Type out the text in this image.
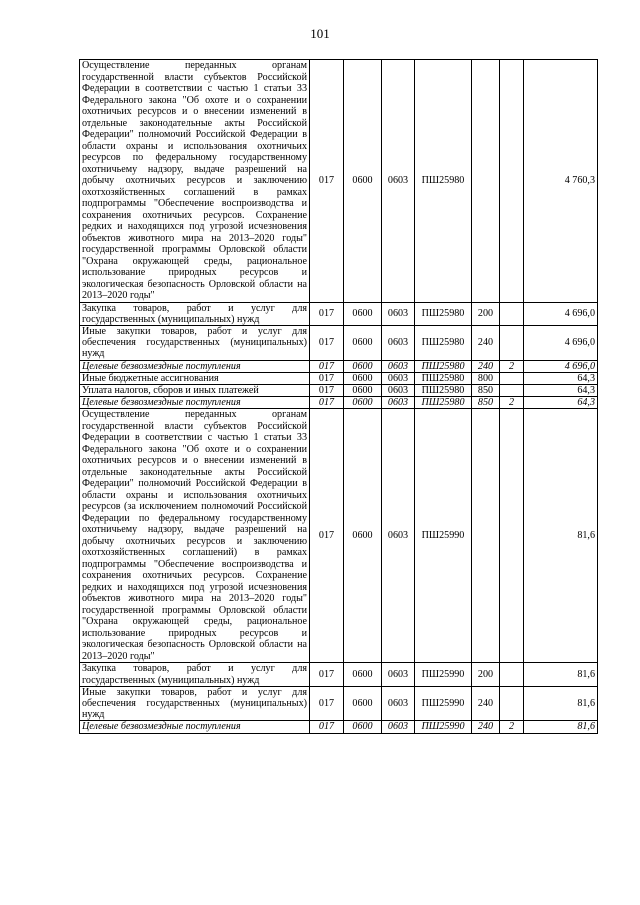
101
Осуществление переданных органам государственной власти субъектов Российской Федерации в соответствии с частью 1 статьи 33 Федерального закона "Об охоте и о сохранении охотничьих ресурсов и о внесении изменений в отдельные законодательные акты Российской Федерации" полномочий Российской Федерации в области охраны и использования охотничьих ресурсов по федеральному государственному охотничьему надзору, выдаче разрешений на добычу охотничьих ресурсов и заключению охотхозяйственных соглашений в рамках подпрограммы "Обеспечение воспроизводства и сохранения охотничьих ресурсов. Сохранение редких и находящихся под угрозой исчезновения объектов животного мира на 2013–2020 годы" государственной программы Орловской области "Охрана окружающей среды, рациональное использование природных ресурсов и экологическая безопасность Орловской области на 2013–2020 годы"	017	0600	0603	ПШ25980			4 760,3
Закупка товаров, работ и услуг для государственных (муниципальных) нужд	017	0600	0603	ПШ25980	200		4 696,0
Иные закупки товаров, работ и услуг для обеспечения государственных (муниципальных) нужд	017	0600	0603	ПШ25980	240		4 696,0
Целевые безвозмездные поступления	017	0600	0603	ПШ25980	240	2	4 696,0
Иные бюджетные ассигнования	017	0600	0603	ПШ25980	800		64,3
Уплата налогов, сборов и иных платежей	017	0600	0603	ПШ25980	850		64,3
Целевые безвозмездные поступления	017	0600	0603	ПШ25980	850	2	64,3
Осуществление переданных органам государственной власти субъектов Российской Федерации в соответствии с частью 1 статьи 33 Федерального закона "Об охоте и о сохранении охотничьих ресурсов и о внесении изменений в отдельные законодательные акты Российской Федерации" полномочий Российской Федерации в области охраны и использования охотничьих ресурсов (за исключением полномочий Российской Федерации по федеральному государственному охотничьему надзору, выдаче разрешений на добычу охотничьих ресурсов и заключению охотхозяйственных соглашений) в рамках подпрограммы "Обеспечение воспроизводства и сохранения охотничьих ресурсов. Сохранение редких и находящихся под угрозой исчезновения объектов животного мира на 2013–2020 годы" государственной программы Орловской области "Охрана окружающей среды, рациональное использование природных ресурсов и экологическая безопасность Орловской области на 2013–2020 годы"	017	0600	0603	ПШ25990			81,6
Закупка товаров, работ и услуг для государственных (муниципальных) нужд	017	0600	0603	ПШ25990	200		81,6
Иные закупки товаров, работ и услуг для обеспечения государственных (муниципальных) нужд	017	0600	0603	ПШ25990	240		81,6
Целевые безвозмездные поступления	017	0600	0603	ПШ25990	240	2	81,6
